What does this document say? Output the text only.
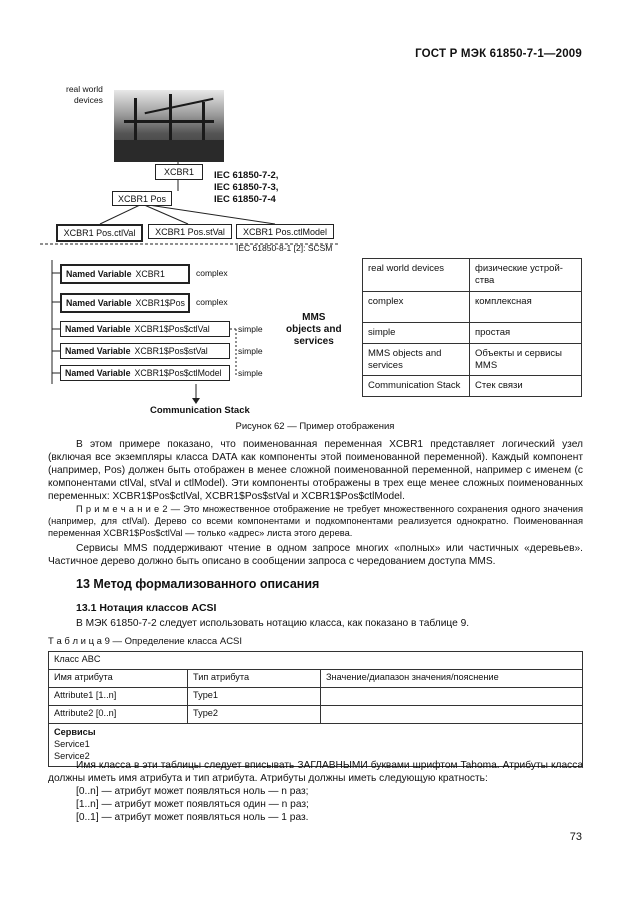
ГОСТ Р МЭК 61850-7-1—2009
real world
devices
XCBR1	IEC 61850-7-2,
IEC 61850-7-3,
IEC 61850-7-4
XCBR1 Pos
XCBR1 Pos.ctlVal	XCBR1 Pos.stVal	XCBR1 Pos.ctlModel
IEC 61850-8-1 [2]: SCSM
Named Variable XCBR1	complex
Named Variable XCBR1$Pos complex
Named Variable XCBR1$Pos$ctlVal	simple
Named Variable XCBR1$Pos$stVal	simple
Named Variable XCBR1$Pos$ctlModel simple
MMS
objects and
services
Communication Stack
real world devices	физические устрой-ства
complex	комплексная
simple	простая
MMS objects and services	Объекты и сервисы MMS
Communication Stack	Стек связи
Рисунок 62 — Пример отображения
В этом примере показано, что поименованная переменная XCBR1 представляет логический узел (включая все экземпляры класса DATA как компоненты этой поименованной переменной). Каждый компонент (например, Pos) должен быть отображен в менее сложной поименованной переменной, например с именем (с компонентами ctlVal, stVal и ctlModel). Эти компоненты отображены в трех еще менее сложных поименованных переменных: XCBR1$Pos$ctlVal, XCBR1$Pos$stVal и XCBR1$Pos$ctlModel.
П р и м е ч а н и е 2 — Это множественное отображение не требует множественного сохранения одного значения (например, для ctlVal). Дерево со всеми компонентами и подкомпонентами реализуется однократно. Поименованная переменная XCBR1$Pos$ctlVal — только «адрес» листа этого дерева.
Сервисы MMS поддерживают чтение в одном запросе многих «полных» или частичных «деревьев». Частичное дерево должно быть описано в сообщении запроса с чередованием доступа MMS.
13 Метод формализованного описания
13.1 Нотация классов ACSI
В МЭК 61850-7-2 следует использовать нотацию класса, как показано в таблице 9.
Т а б л и ц а 9 — Определение класса ACSI
Класс ABC		
Имя атрибута	Тип атрибута	Значение/диапазон значения/пояснение
Attribute1 [1..n]	Type1	
Attribute2 [0..n]	Type2	

Сервисы
Service1
Service2		
Имя класса в эти таблицы следует вписывать ЗАГЛАВНЫМИ буквами шрифтом Tahoma. Атрибуты класса должны иметь имя атрибута и тип атрибута. Атрибуты должны иметь следующую кратность:
[0..n] — атрибут может появляться ноль — n раз;
[1..n] — атрибут может появляться один — n раз;
[0..1] — атрибут может появляться ноль — 1 раз.
73
